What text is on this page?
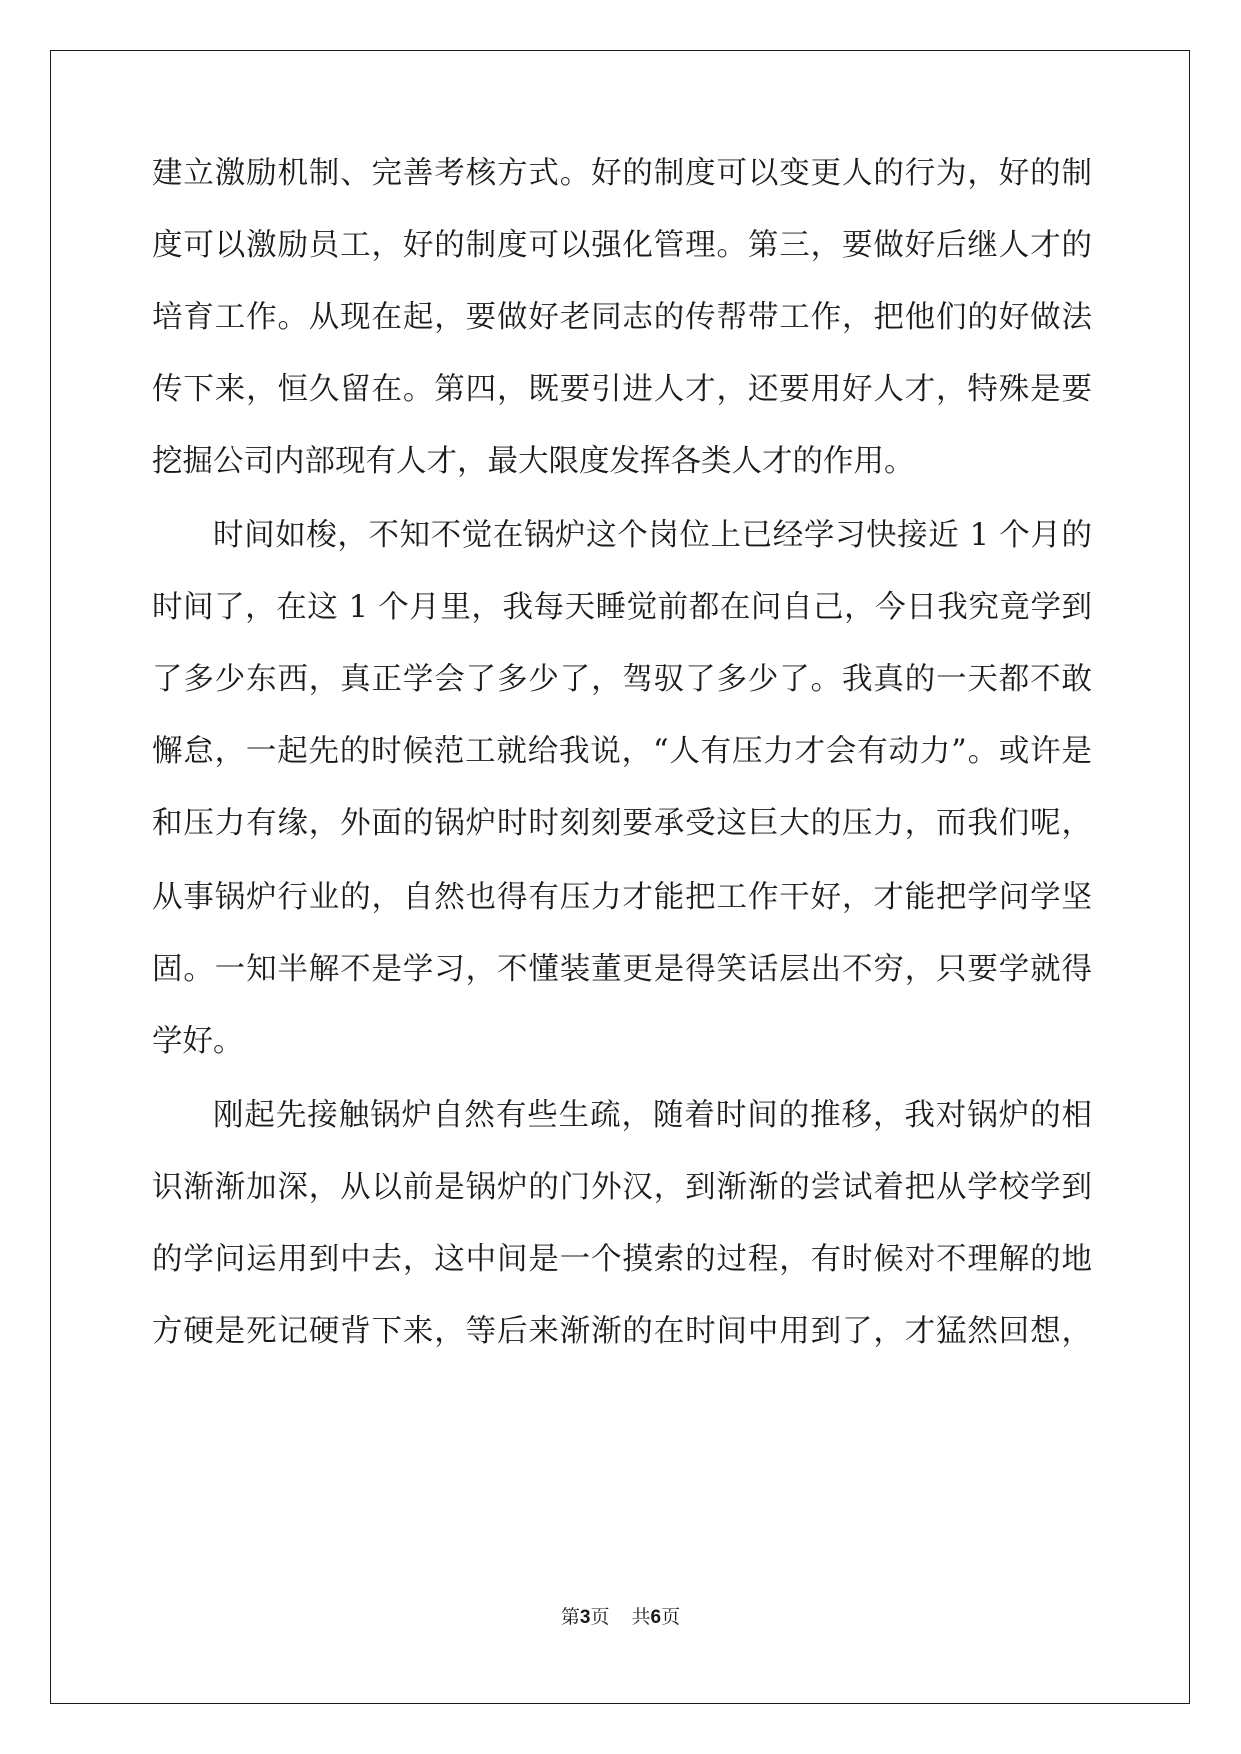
建立激励机制、完善考核方式。好的制度可以变更人的行为，好的制
度可以激励员工，好的制度可以强化管理。第三，要做好后继人才的
培育工作。从现在起，要做好老同志的传帮带工作，把他们的好做法
传下来，恒久留在。第四，既要引进人才，还要用好人才，特殊是要
挖掘公司内部现有人才，最大限度发挥各类人才的作用。
时间如梭，不知不觉在锅炉这个岗位上已经学习快接近 1 个月的
时间了，在这 1 个月里，我每天睡觉前都在问自己，今日我究竟学到
了多少东西，真正学会了多少了，驾驭了多少了。我真的一天都不敢
懈怠，一起先的时候范工就给我说，“人有压力才会有动力”。或许是
和压力有缘，外面的锅炉时时刻刻要承受这巨大的压力，而我们呢，
从事锅炉行业的，自然也得有压力才能把工作干好，才能把学问学坚
固。一知半解不是学习，不懂装董更是得笑话层出不穷，只要学就得
学好。
刚起先接触锅炉自然有些生疏，随着时间的推移，我对锅炉的相
识渐渐加深，从以前是锅炉的门外汉，到渐渐的尝试着把从学校学到
的学问运用到中去，这中间是一个摸索的过程，有时候对不理解的地
方硬是死记硬背下来，等后来渐渐的在时间中用到了，才猛然回想，
第3页 共6页
